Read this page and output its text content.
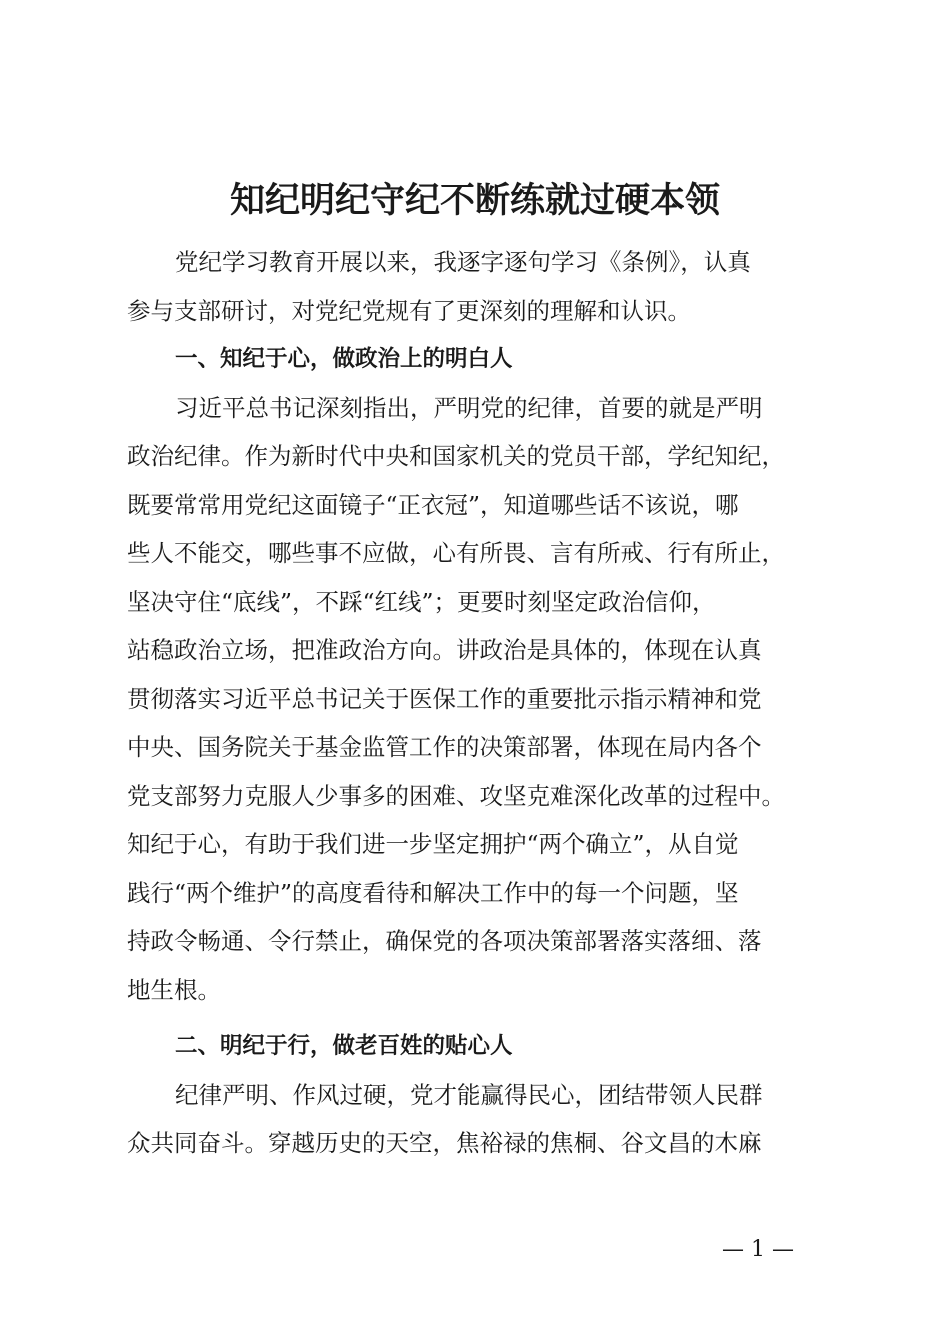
知纪明纪守纪不断练就过硬本领

党纪学习教育开展以来，我逐字逐句学习《条例》，认真
参与支部研讨，对党纪党规有了更深刻的理解和认识。

一、知纪于心，做政治上的明白人

习近平总书记深刻指出，严明党的纪律，首要的就是严明
政治纪律。作为新时代中央和国家机关的党员干部，学纪知纪，
既要常常用党纪这面镜子“正衣冠”，知道哪些话不该说，哪
些人不能交，哪些事不应做，心有所畏、言有所戒、行有所止，
坚决守住“底线”，不踩“红线”；更要时刻坚定政治信仰，
站稳政治立场，把准政治方向。讲政治是具体的，体现在认真
贯彻落实习近平总书记关于医保工作的重要批示指示精神和党
中央、国务院关于基金监管工作的决策部署，体现在局内各个
党支部努力克服人少事多的困难、攻坚克难深化改革的过程中。
知纪于心，有助于我们进一步坚定拥护“两个确立”，从自觉
践行“两个维护”的高度看待和解决工作中的每一个问题，坚
持政令畅通、令行禁止，确保党的各项决策部署落实落细、落
地生根。

二、明纪于行，做老百姓的贴心人

纪律严明、作风过硬，党才能赢得民心，团结带领人民群
众共同奋斗。穿越历史的天空，焦裕禄的焦桐、谷文昌的木麻

— 1 —
